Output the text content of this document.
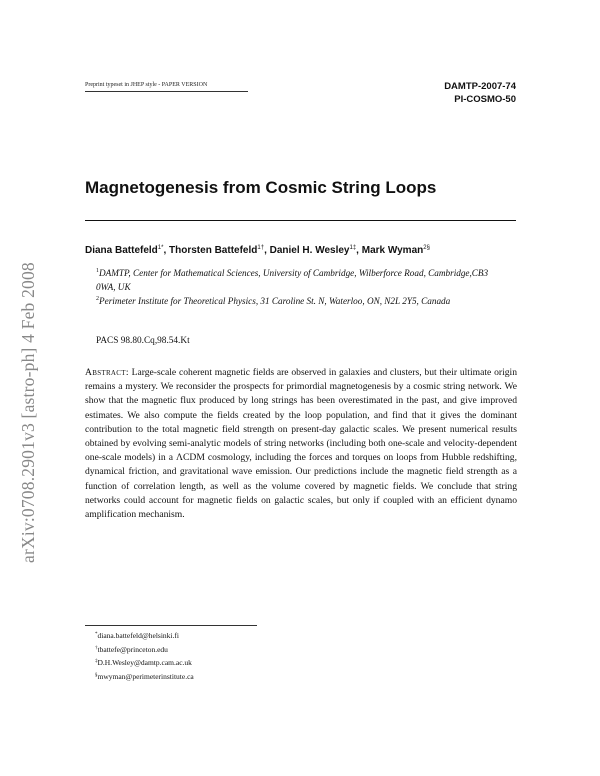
arXiv:0708.2901v3 [astro-ph] 4 Feb 2008
Preprint typeset in JHEP style - PAPER VERSION	DAMTP-2007-74
PI-COSMO-50
Magnetogenesis from Cosmic String Loops
Diana Battefeld$^{1*}$, Thorsten Battefeld$^{1\dagger}$, Daniel H. Wesley$^{1\ddagger}$, Mark Wyman$^{2\S}$
$^1$DAMTP, Center for Mathematical Sciences, University of Cambridge, Wilberforce Road, Cambridge,CB3 0WA, UK
$^2$Perimeter Institute for Theoretical Physics, 31 Caroline St. N, Waterloo, ON, N2L 2Y5, Canada
PACS 98.80.Cq,98.54.Kt
Abstract: Large-scale coherent magnetic fields are observed in galaxies and clusters, but their ultimate origin remains a mystery. We reconsider the prospects for primordial magnetogenesis by a cosmic string network. We show that the magnetic flux produced by long strings has been overestimated in the past, and give improved estimates. We also compute the fields created by the loop population, and find that it gives the dominant contribution to the total magnetic field strength on present-day galactic scales. We present numerical results obtained by evolving semi-analytic models of string networks (including both one-scale and velocity-dependent one-scale models) in a ΛCDM cosmology, including the forces and torques on loops from Hubble redshifting, dynamical friction, and gravitational wave emission. Our predictions include the magnetic field strength as a function of correlation length, as well as the volume covered by magnetic fields. We conclude that string networks could account for magnetic fields on galactic scales, but only if coupled with an efficient dynamo amplification mechanism.
*diana.battefeld@helsinki.fi
†tbattefe@princeton.edu
‡D.H.Wesley@damtp.cam.ac.uk
§mwyman@perimeterinstitute.ca
